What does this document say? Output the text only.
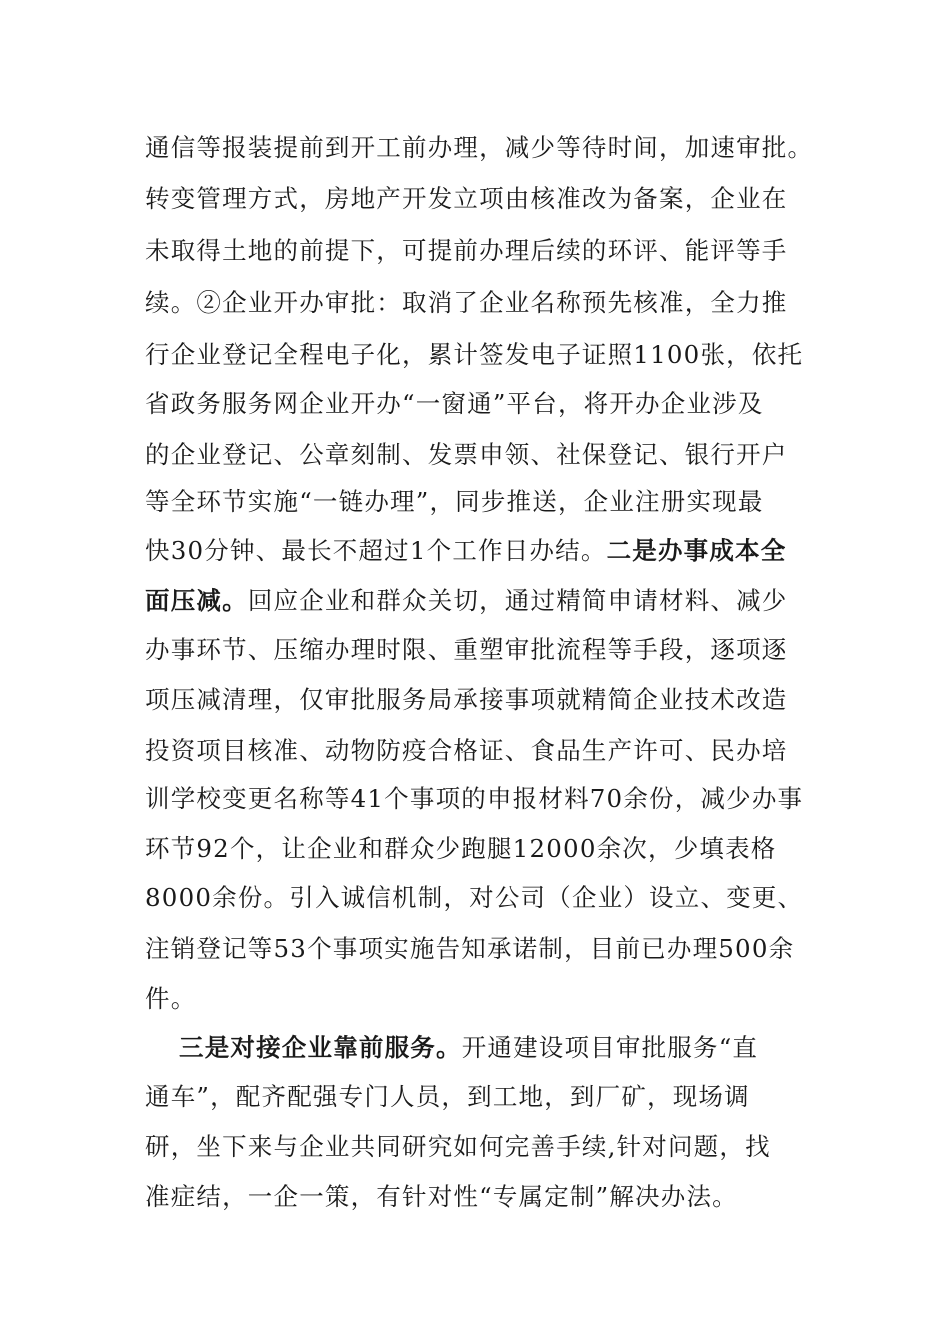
通信等报装提前到开工前办理，减少等待时间，加速审批。
转变管理方式，房地产开发立项由核准改为备案，企业在
未取得土地的前提下，可提前办理后续的环评、能评等手
续。②企业开办审批：取消了企业名称预先核准，全力推
行企业登记全程电子化，累计签发电子证照1100张，依托
省政务服务网企业开办“一窗通”平台，将开办企业涉及
的企业登记、公章刻制、发票申领、社保登记、银行开户
等全环节实施“一链办理”，同步推送，企业注册实现最
快30分钟、最长不超过1个工作日办结。二是办事成本全
面压减。回应企业和群众关切，通过精简申请材料、减少
办事环节、压缩办理时限、重塑审批流程等手段，逐项逐
项压减清理，仅审批服务局承接事项就精简企业技术改造
投资项目核准、动物防疫合格证、食品生产许可、民办培
训学校变更名称等41个事项的申报材料70余份，减少办事
环节92个，让企业和群众少跑腿12000余次，少填表格
8000余份。引入诚信机制，对公司（企业）设立、变更、
注销登记等53个事项实施告知承诺制，目前已办理500余
件。
三是对接企业靠前服务。开通建设项目审批服务“直
通车”，配齐配强专门人员，到工地，到厂矿，现场调
研，坐下来与企业共同研究如何完善手续,针对问题，找
准症结，一企一策，有针对性“专属定制”解决办法。
